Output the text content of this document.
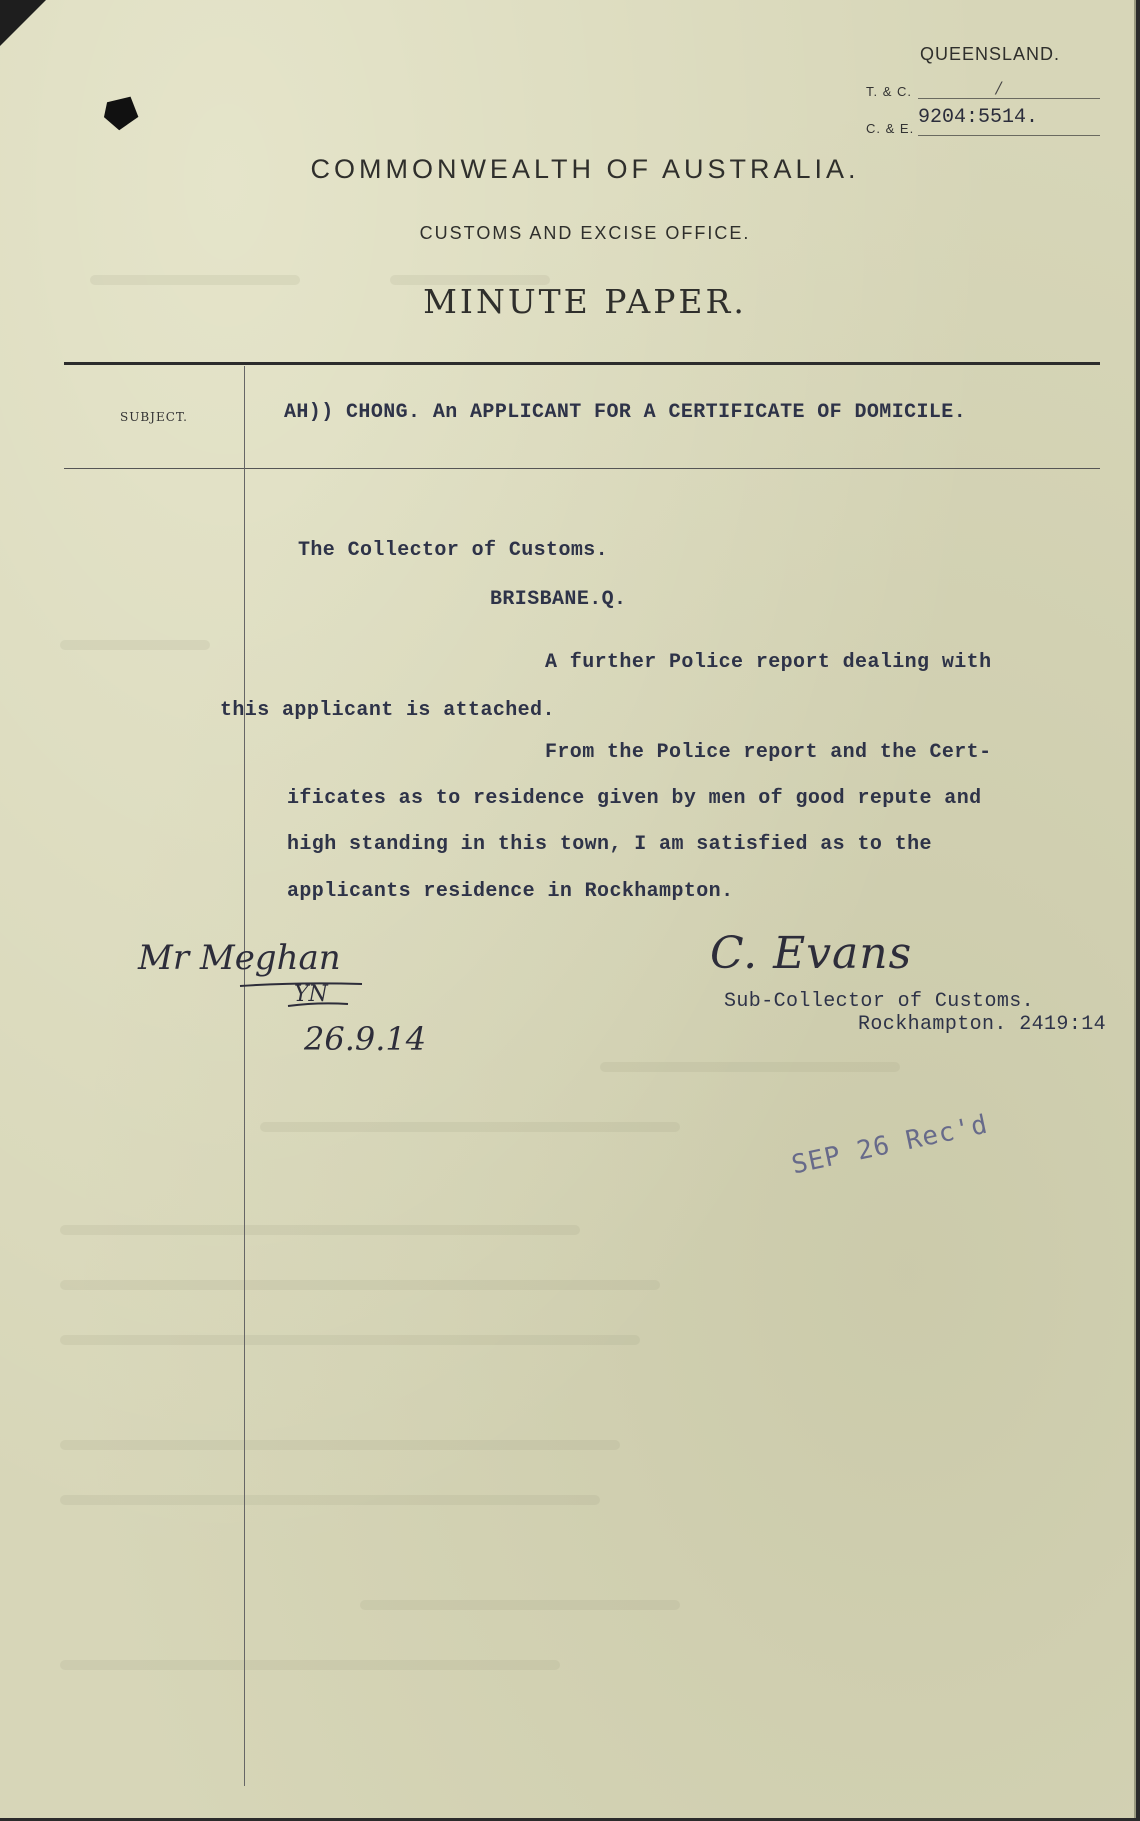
QUEENSLAND.
T. & C.	/
C. & E. 9204:5514.
COMMONWEALTH OF AUSTRALIA.
CUSTOMS AND EXCISE OFFICE.
MINUTE PAPER.
SUBJECT.	AH)) CHONG. An APPLICANT FOR A CERTIFICATE OF DOMICILE.
The Collector of Customs.
BRISBANE.Q.
A further Police report dealing with
this applicant is attached.
From the Police report and the Cert-
ificates as to residence given by men of good repute and
high standing in this town, I am satisfied as to the
applicants residence in Rockhampton.
C. Evans
Sub-Collector of Customs.
Rockhampton. 2419:14
Mr Meghan
YN
26.9.14
SEP 26 Rec'd
